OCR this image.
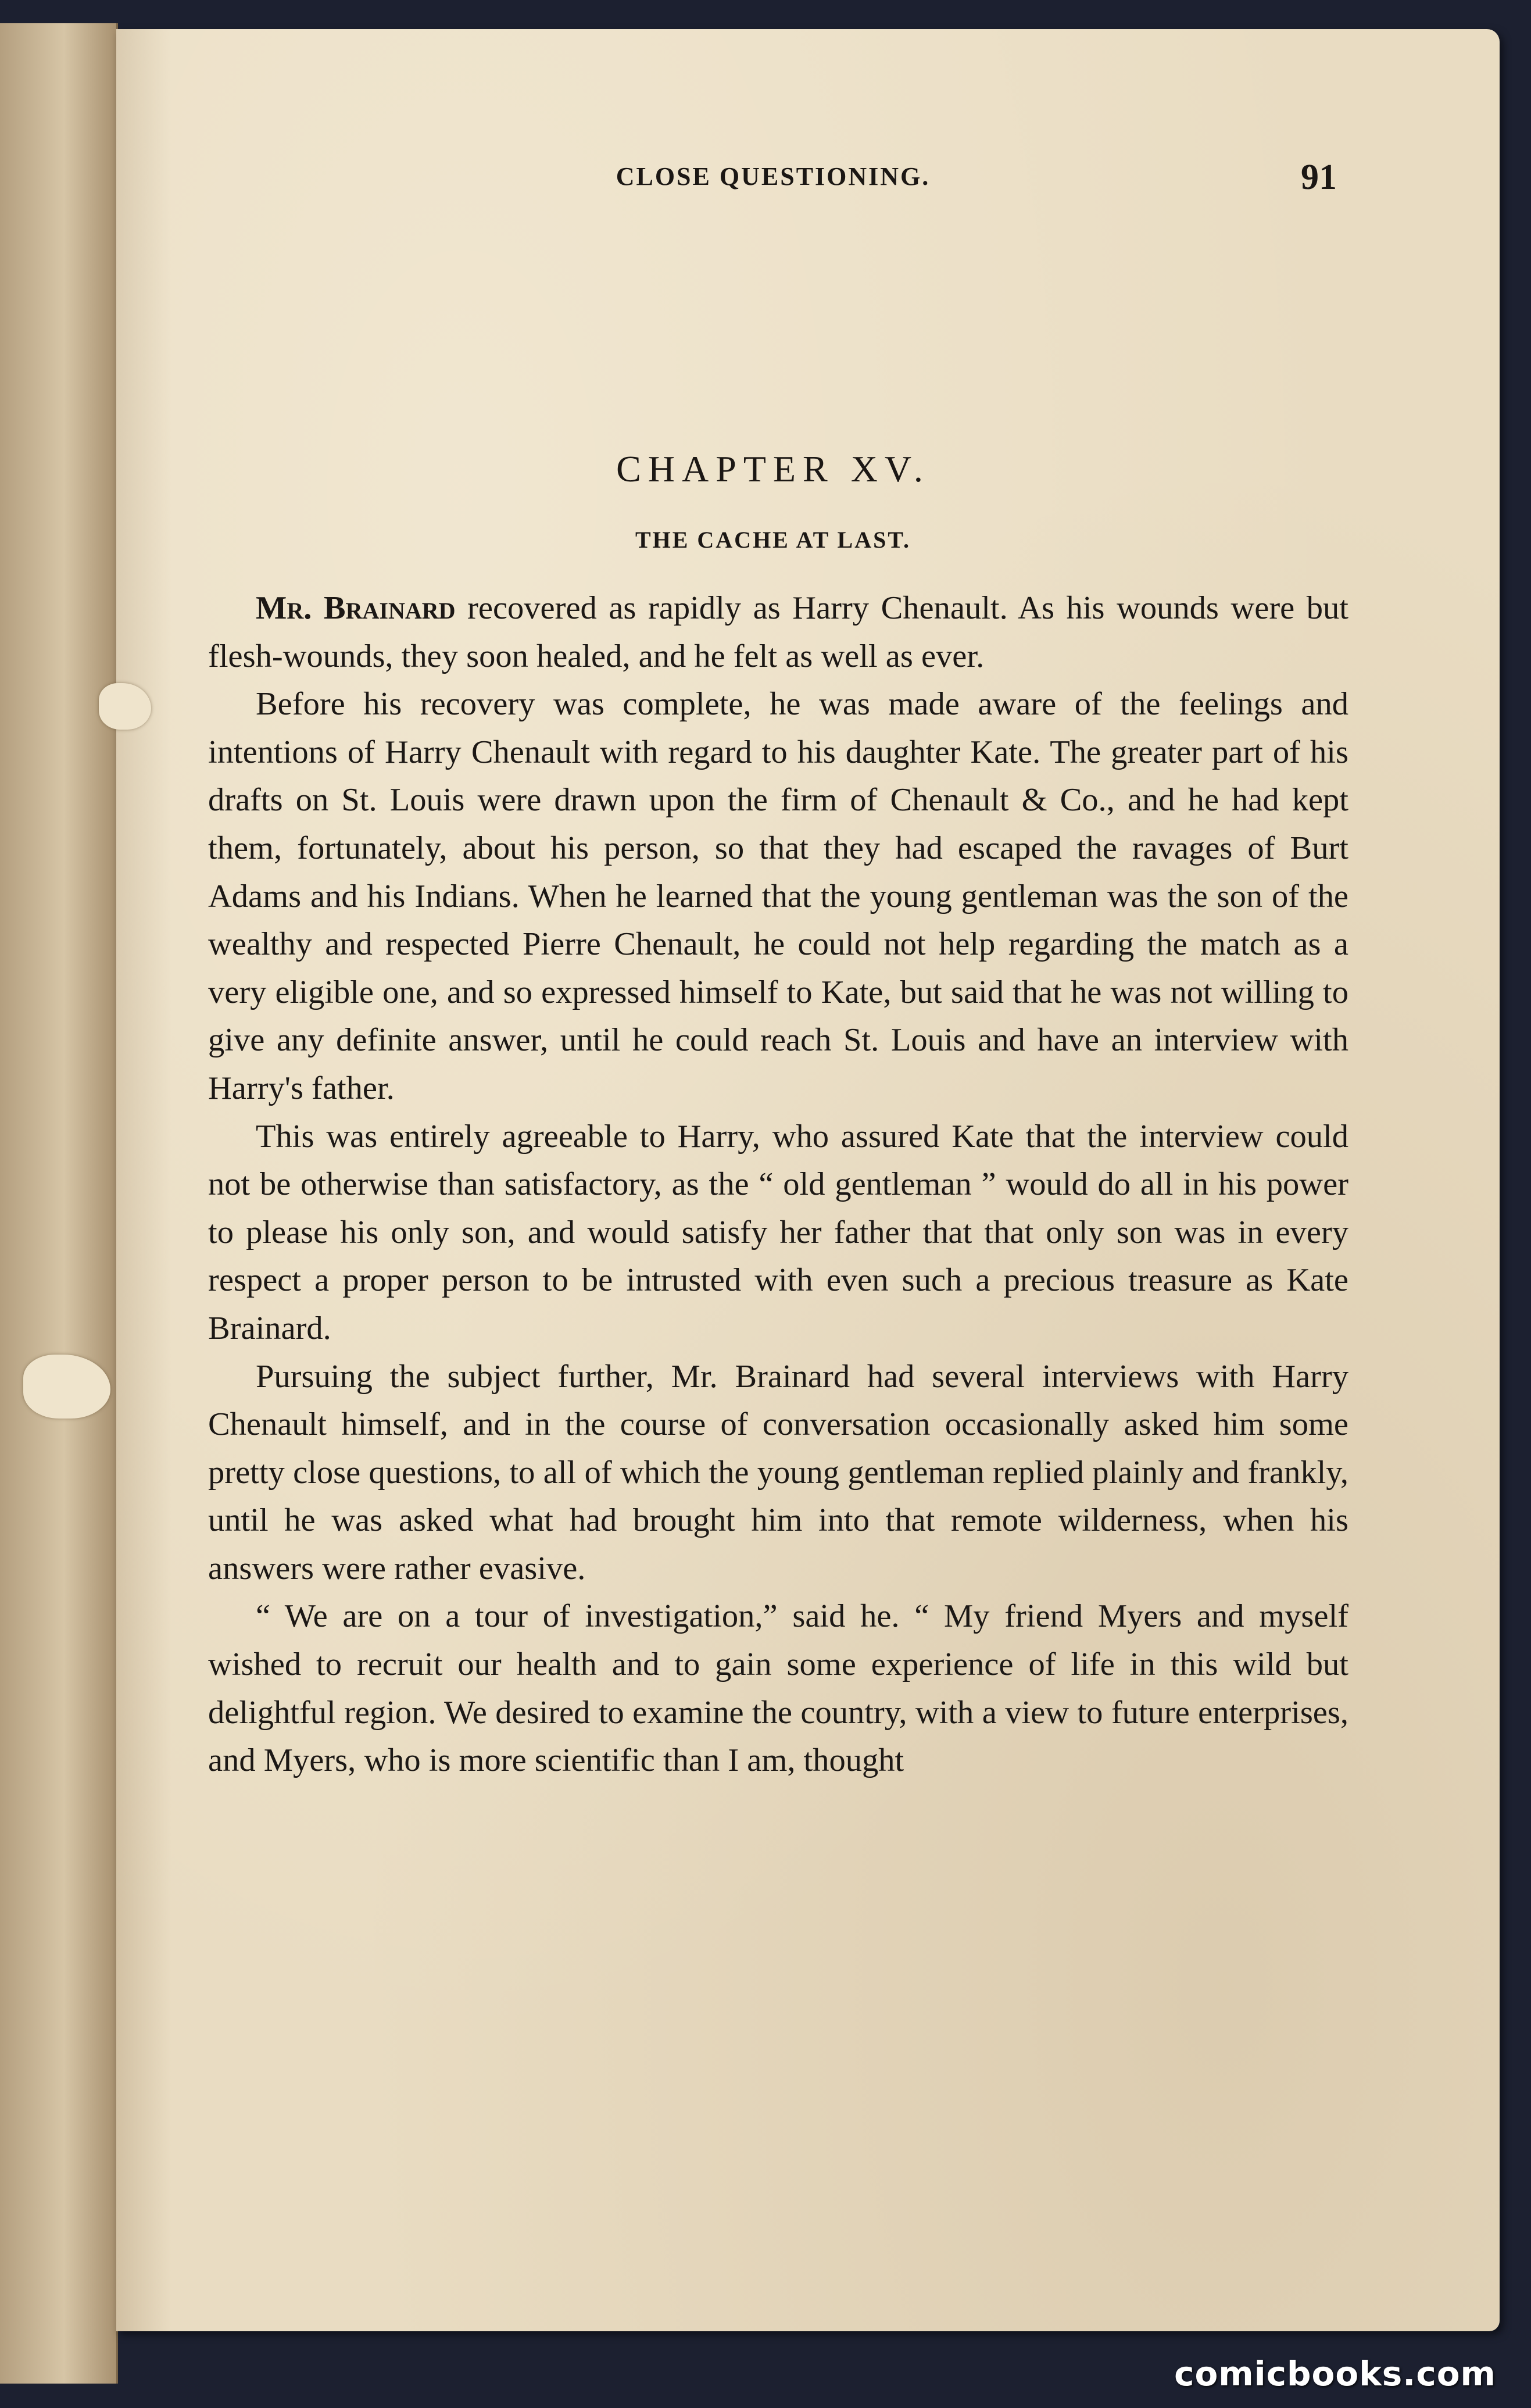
CLOSE QUESTIONING.	91
CHAPTER XV.
THE CACHE AT LAST.

Mr. Brainard recovered as rapidly as Harry Chenault. As his wounds were but flesh-wounds, they soon healed, and he felt as well as ever.

Before his recovery was complete, he was made aware of the feelings and intentions of Harry Chenault with regard to his daughter Kate. The greater part of his drafts on St. Louis were drawn upon the firm of Chenault & Co., and he had kept them, fortunately, about his person, so that they had escaped the ravages of Burt Adams and his Indians. When he learned that the young gentleman was the son of the wealthy and respected Pierre Chenault, he could not help regarding the match as a very eligible one, and so expressed himself to Kate, but said that he was not willing to give any definite answer, until he could reach St. Louis and have an interview with Harry's father.

This was entirely agreeable to Harry, who assured Kate that the interview could not be otherwise than satisfactory, as the “ old gentleman ” would do all in his power to please his only son, and would satisfy her father that that only son was in every respect a proper person to be intrusted with even such a precious treasure as Kate Brainard.

Pursuing the subject further, Mr. Brainard had several interviews with Harry Chenault himself, and in the course of conversation occasionally asked him some pretty close questions, to all of which the young gentleman replied plainly and frankly, until he was asked what had brought him into that remote wilderness, when his answers were rather evasive.

“ We are on a tour of investigation,” said he. “ My friend Myers and myself wished to recruit our health and to gain some experience of life in this wild but delightful region. We desired to examine the country, with a view to future enterprises, and Myers, who is more scientific than I am, thought

comicbooks.com
